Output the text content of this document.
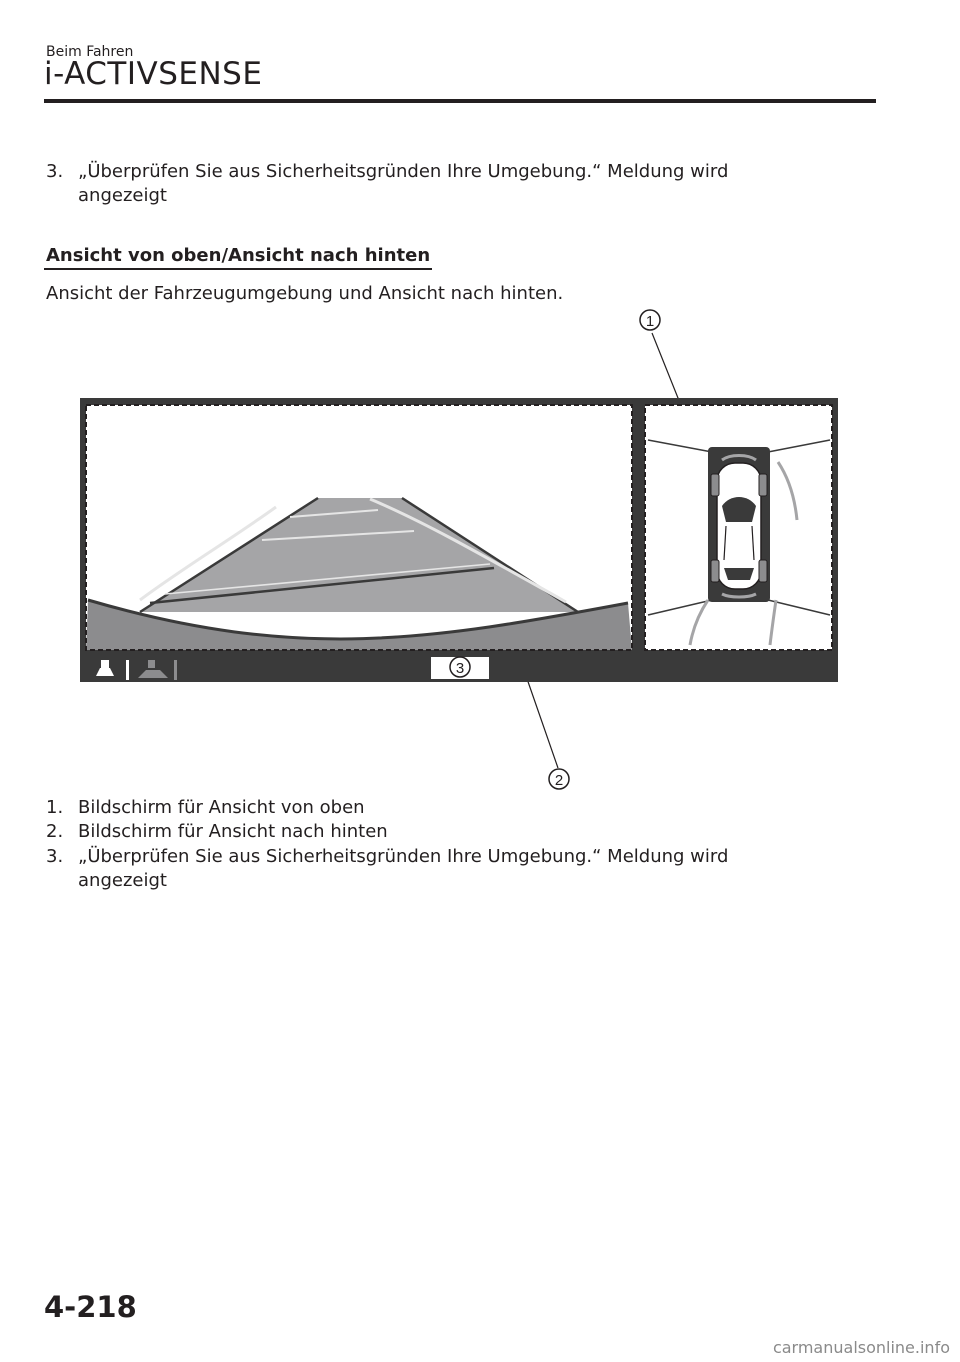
Beim Fahren
i-ACTIVSENSE
3. „Überprüfen Sie aus Sicherheitsgründen Ihre Umgebung.“ Meldung wird
angezeigt
Ansicht von oben/Ansicht nach hinten
Ansicht der Fahrzeugumgebung und Ansicht nach hinten.
1
2
3
1. Bildschirm für Ansicht von oben
2. Bildschirm für Ansicht nach hinten
3. „Überprüfen Sie aus Sicherheitsgründen Ihre Umgebung.“ Meldung wird
angezeigt
4-218
carmanualsonline.info
